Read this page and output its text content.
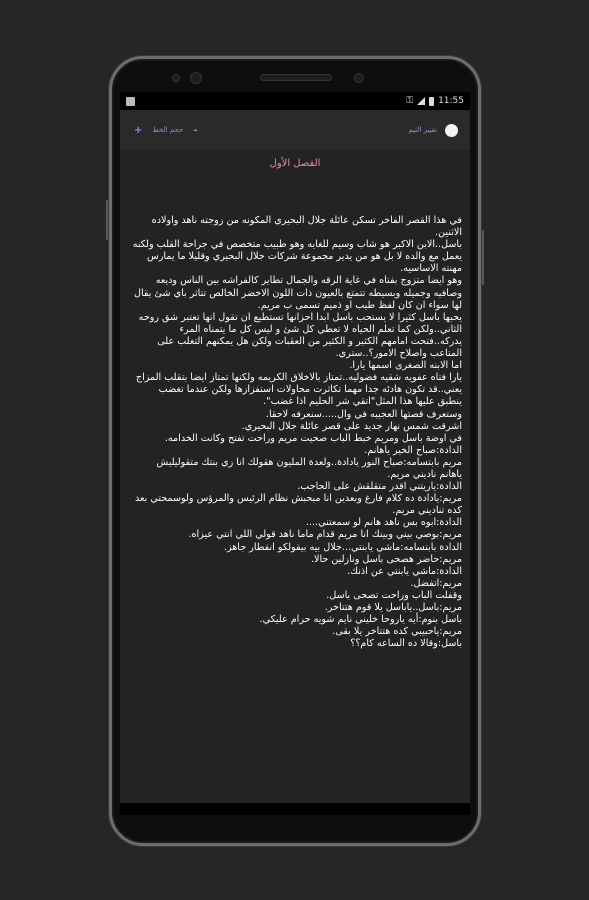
⚿	11:55
+ حجم الخط -	تغيير الثيم
الفصل الأول

في هذا القصر الفاخر تسكن عائلة جلال البحيري المكونه من زوجته ناهد واولاده الاثنين.

باسل..الابن الاكبر هو شاب وسيم للغايه وهو طبيب متخصص في جراحة القلب ولكنه يعمل مع والده لا بل هو من يدير مجموعة شركات جلال البحيري وقليلا ما يمارس مهنته الاساسيه.

وهو ايضا متزوج بفتاه في غاية الرقه والجمال تطاير كالفراشه بين الناس وديعه وصافيه وجميله وبسيطه تتمتع بالعيون ذات اللون الاخضر الخالص تتاثر باي شئ يقال لها سواء ان كان لفظ طيب او ذميم تسمى ب مريم.

يحبها باسل كثيرا لا يستحب باسل ابدا احزانها تستطيع ان تقول انها تعتبر شق روحه الثاني..ولكن كما تعلم الحياه لا تعطي كل شئ و ليس كل ما يتمناه المرء يدركه..فتحت امامهم الكثير و الكثير من العقبات ولكن هل يمكنهم التغلب على المتاعب واصلاح الامور؟..ستري.

اما الابنه الصغرى اسمها يارا.

يارا فتاه عفويه شقيه فضوليه..تمتاز بالاخلاق الكريمه ولكنها تمتاز ايضا بتقلب المزاج يعني..قد تكون هادئه جدا مهما تكاثرت محاولات استفزازها ولكن عندما تغضب ينطبق عليها هذا المثل"اتقي شر الحليم اذا غضب".

وستعرف قصتها العجيبه في وال.....سنعرفه لاحقا.

اشرقت شمس نهار جديد على قصر عائلة جلال البحيري.

في اوضة باسل ومريم خبط الباب صحيت مريم وراحت تفتح وكانت الخدامه.

الدادة:صباح الخير ياهانم.

مريم بابتسامه:صباح النور يادادة..ولعدة المليون هقولك انا زي بنتك متقوليليش ياهانم ناديني مريم.

الدادة:ياريتني اقدر متقلقش على الحاجب.

مريم:يادادة ده كلام فارغ وبعدين انا مبحبش نظام الرئيس والمرؤس ولوسمحتي بعد كده تناديني مريم.

الدادة:ابوه بس ناهد هانم لو سمعتني....

مريم:بوصي بيني وبينك انا مريم قدام ماما ناهد قولي اللي انتي عيزاه.

الدادة بابتسامه:ماشي يابنتي...جلال بيه بيقولكو انفطار جاهز.

مريم:حاضر هصحى باسل ونازلين حالا.

الدادة:ماشي يابنتي عن اذنك.

مريم:اتفضل.

وقفلت الباب وراحت تصحى باسل.

مريم:باسل..ياباسل يلا قوم هتتاخر.

باسل بنوم:أيه ياروحا خليني نايم شويه حرام عليكي.

مريم:ياحبيبي كده هتتاخر يلا بقى.

باسل:وقالا ده الساعه كام؟؟
